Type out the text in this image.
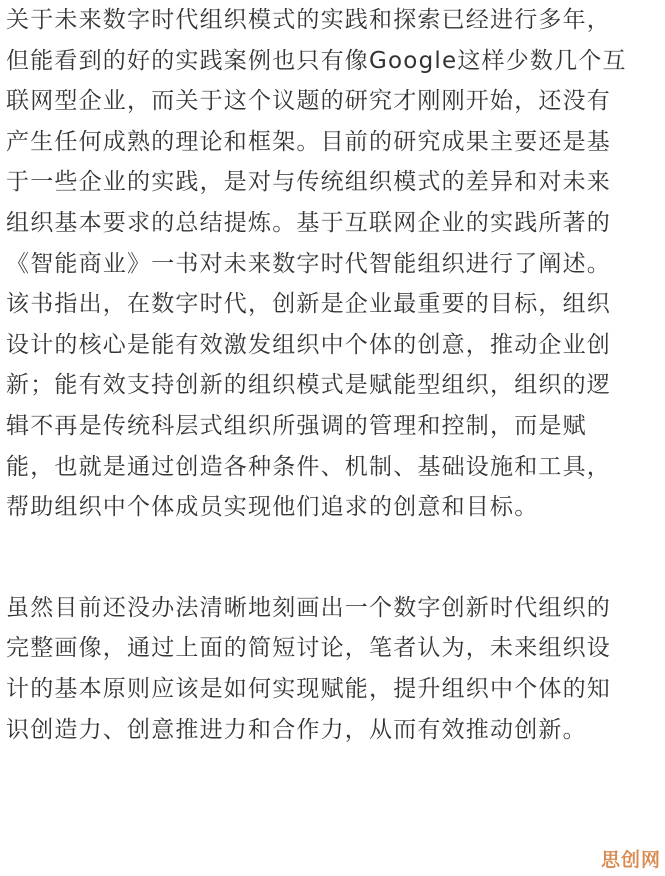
关于未来数字时代组织模式的实践和探索已经进行多年，
但能看到的好的实践案例也只有像Google这样少数几个互
联网型企业，而关于这个议题的研究才刚刚开始，还没有
产生任何成熟的理论和框架。目前的研究成果主要还是基
于一些企业的实践，是对与传统组织模式的差异和对未来
组织基本要求的总结提炼。基于互联网企业的实践所著的
《智能商业》一书对未来数字时代智能组织进行了阐述。
该书指出，在数字时代，创新是企业最重要的目标，组织
设计的核心是能有效激发组织中个体的创意，推动企业创
新；能有效支持创新的组织模式是赋能型组织，组织的逻
辑不再是传统科层式组织所强调的管理和控制，而是赋
能，也就是通过创造各种条件、机制、基础设施和工具，
帮助组织中个体成员实现他们追求的创意和目标。
虽然目前还没办法清晰地刻画出一个数字创新时代组织的
完整画像，通过上面的简短讨论，笔者认为，未来组织设
计的基本原则应该是如何实现赋能，提升组织中个体的知
识创造力、创意推进力和合作力，从而有效推动创新。
思创网
